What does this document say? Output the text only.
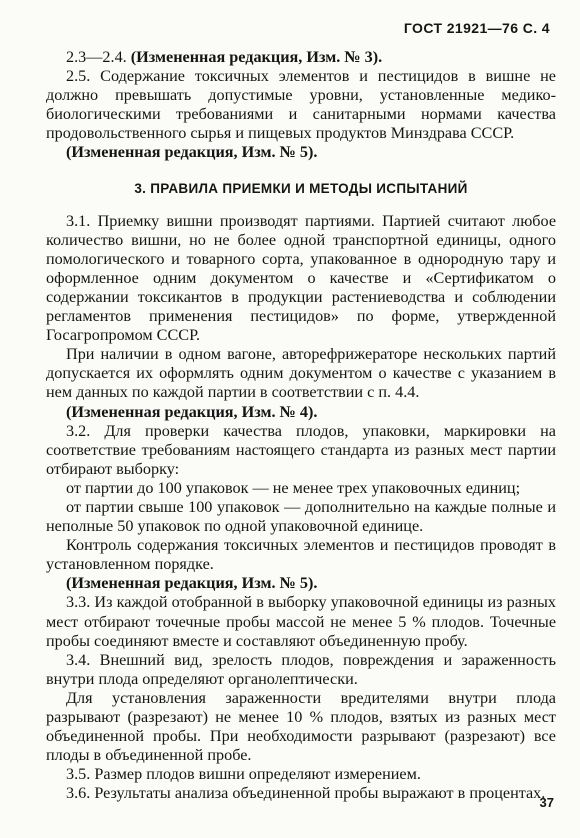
ГОСТ 21921—76 С. 4
2.3—2.4. (Измененная редакция, Изм. № 3).
2.5. Содержание токсичных элементов и пестицидов в вишне не должно превышать допустимые уровни, установленные медико-биологическими требованиями и санитарными нормами качества продовольственного сырья и пищевых продуктов Минздрава СССР.
(Измененная редакция, Изм. № 5).
3. ПРАВИЛА ПРИЕМКИ И МЕТОДЫ ИСПЫТАНИЙ
3.1. Приемку вишни производят партиями. Партией считают любое количество вишни, но не более одной транспортной единицы, одного помологического и товарного сорта, упакованное в однородную тару и оформленное одним документом о качестве и «Сертификатом о содержании токсикантов в продукции растениеводства и соблюдении регламентов применения пестицидов» по форме, утвержденной Госагропромом СССР.
При наличии в одном вагоне, авторефрижераторе нескольких партий допускается их оформлять одним документом о качестве с указанием в нем данных по каждой партии в соответствии с п. 4.4.
(Измененная редакция, Изм. № 4).
3.2. Для проверки качества плодов, упаковки, маркировки на соответствие требованиям настоящего стандарта из разных мест партии отбирают выборку:
от партии до 100 упаковок — не менее трех упаковочных единиц;
от партии свыше 100 упаковок — дополнительно на каждые полные и неполные 50 упаковок по одной упаковочной единице.
Контроль содержания токсичных элементов и пестицидов проводят в установленном порядке.
(Измененная редакция, Изм. № 5).
3.3. Из каждой отобранной в выборку упаковочной единицы из разных мест отбирают точечные пробы массой не менее 5 % плодов. Точечные пробы соединяют вместе и составляют объединенную пробу.
3.4. Внешний вид, зрелость плодов, повреждения и зараженность внутри плода определяют органолептически.
Для установления зараженности вредителями внутри плода разрывают (разрезают) не менее 10 % плодов, взятых из разных мест объединенной пробы. При необходимости разрывают (разрезают) все плоды в объединенной пробе.
3.5. Размер плодов вишни определяют измерением.
3.6. Результаты анализа объединенной пробы выражают в процентах.
37
